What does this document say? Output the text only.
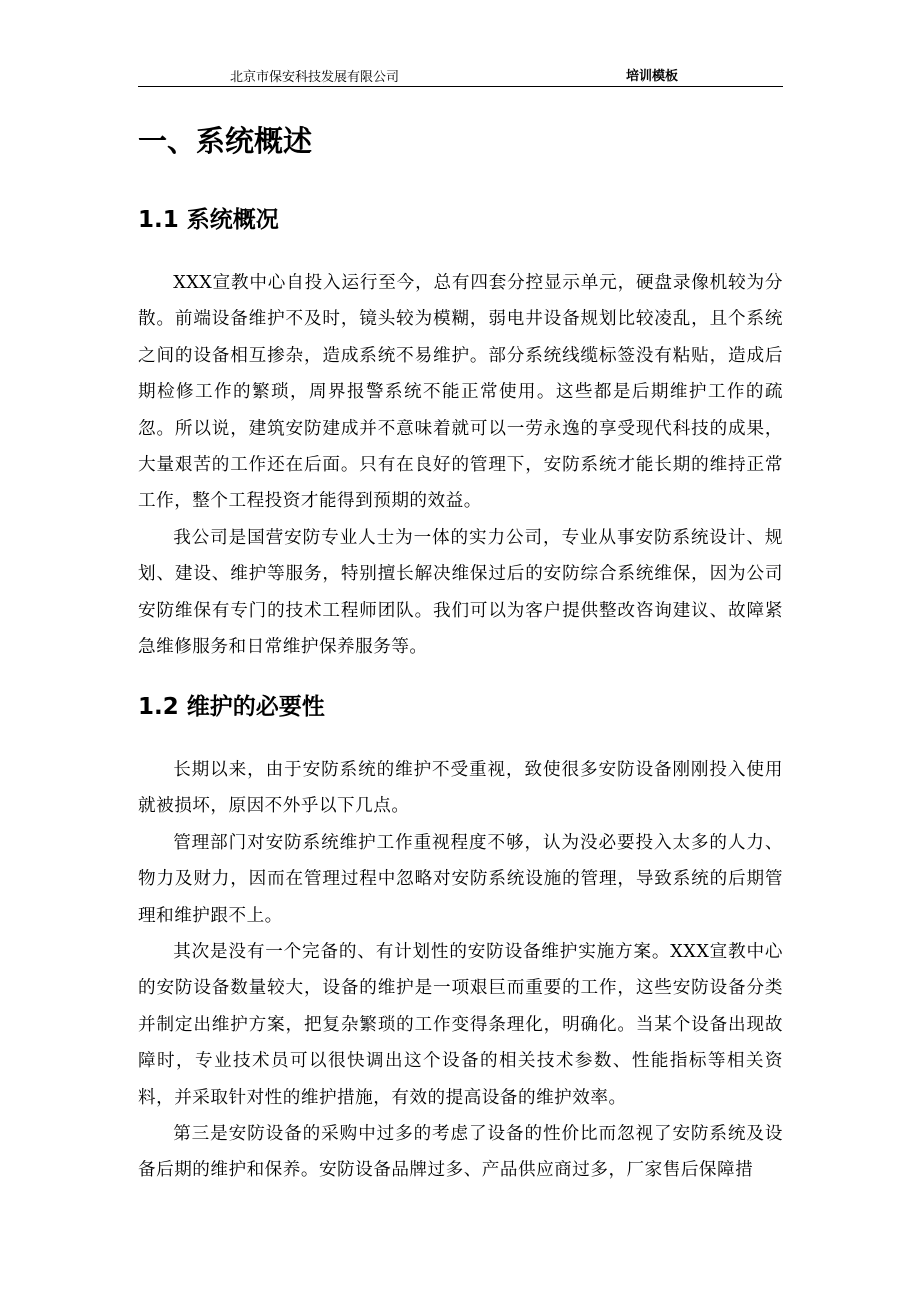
北京市保安科技发展有限公司	培训模板
一、系统概述
1.1 系统概况

XXX宣教中心自投入运行至今，总有四套分控显示单元，硬盘录像机较为分散。前端设备维护不及时，镜头较为模糊，弱电井设备规划比较凌乱，且个系统之间的设备相互掺杂，造成系统不易维护。部分系统线缆标签没有粘贴，造成后期检修工作的繁琐，周界报警系统不能正常使用。这些都是后期维护工作的疏忽。所以说，建筑安防建成并不意味着就可以一劳永逸的享受现代科技的成果，大量艰苦的工作还在后面。只有在良好的管理下，安防系统才能长期的维持正常工作，整个工程投资才能得到预期的效益。

我公司是国营安防专业人士为一体的实力公司，专业从事安防系统设计、规划、建设、维护等服务，特别擅长解决维保过后的安防综合系统维保，因为公司安防维保有专门的技术工程师团队。我们可以为客户提供整改咨询建议、故障紧急维修服务和日常维护保养服务等。

1.2 维护的必要性

长期以来，由于安防系统的维护不受重视，致使很多安防设备刚刚投入使用就被损坏，原因不外乎以下几点。

管理部门对安防系统维护工作重视程度不够，认为没必要投入太多的人力、物力及财力，因而在管理过程中忽略对安防系统设施的管理，导致系统的后期管理和维护跟不上。

其次是没有一个完备的、有计划性的安防设备维护实施方案。XXX宣教中心的安防设备数量较大，设备的维护是一项艰巨而重要的工作，这些安防设备分类并制定出维护方案，把复杂繁琐的工作变得条理化，明确化。当某个设备出现故障时，专业技术员可以很快调出这个设备的相关技术参数、性能指标等相关资料，并采取针对性的维护措施，有效的提高设备的维护效率。

第三是安防设备的采购中过多的考虑了设备的性价比而忽视了安防系统及设备后期的维护和保养。安防设备品牌过多、产品供应商过多，厂家售后保障措
